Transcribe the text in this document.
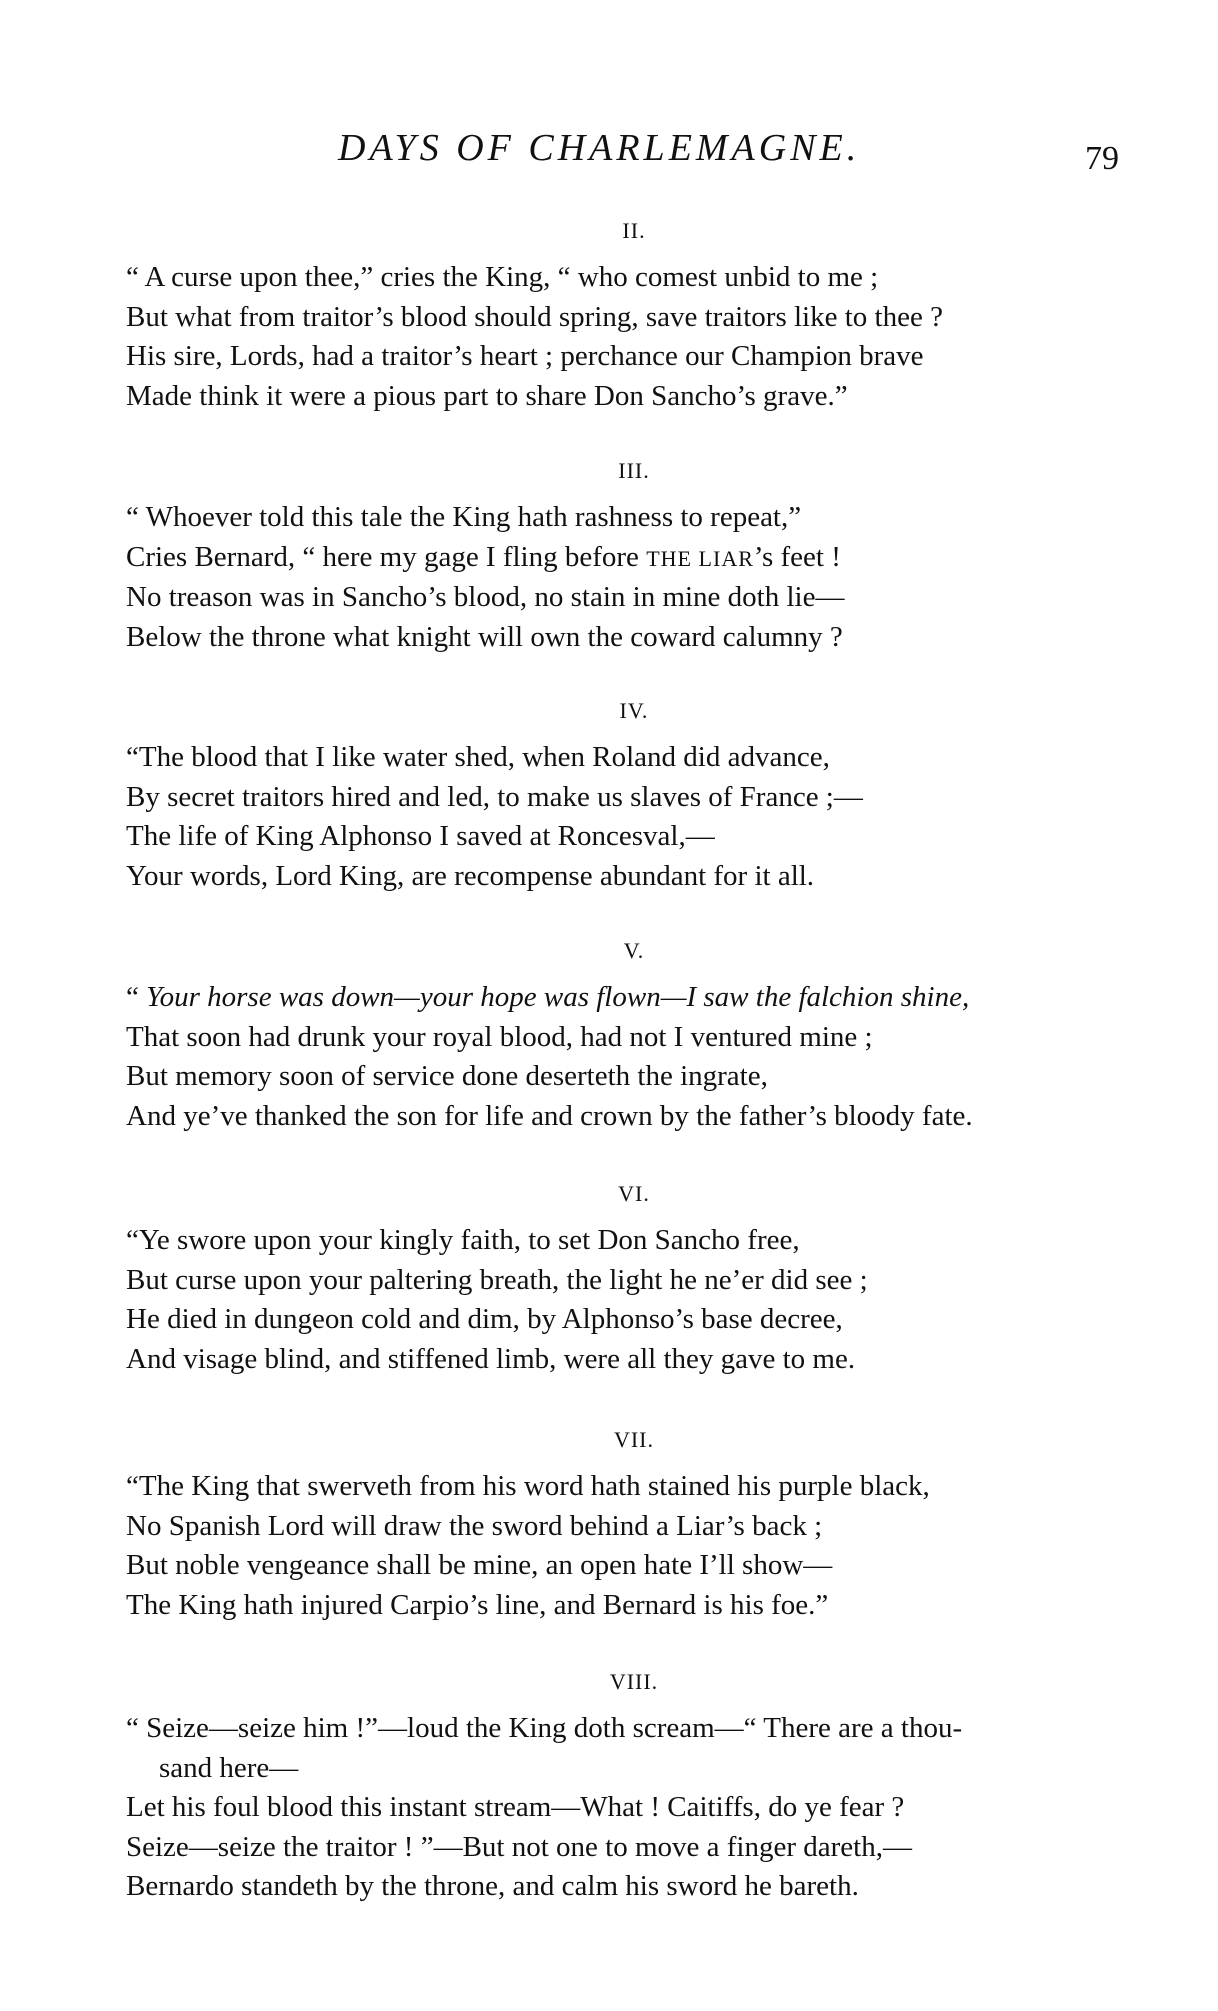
DAYS OF CHARLEMAGNE.	79
II.
“ A curse upon thee,” cries the King, “ who comest unbid to me ;
But what from traitor’s blood should spring, save traitors like to thee ?
His sire, Lords, had a traitor’s heart ; perchance our Champion brave
Made think it were a pious part to share Don Sancho’s grave.”
III.
“ Whoever told this tale the King hath rashness to repeat,”
Cries Bernard, “ here my gage I fling before THE LIAR’s feet !
No treason was in Sancho’s blood, no stain in mine doth lie—
Below the throne what knight will own the coward calumny ?
IV.
“The blood that I like water shed, when Roland did advance,
By secret traitors hired and led, to make us slaves of France ;—
The life of King Alphonso I saved at Roncesval,—
Your words, Lord King, are recompense abundant for it all.
V.
“ Your horse was down—your hope was flown—I saw the falchion shine,
That soon had drunk your royal blood, had not I ventured mine ;
But memory soon of service done deserteth the ingrate,
And ye’ve thanked the son for life and crown by the father’s bloody fate.
VI.
“Ye swore upon your kingly faith, to set Don Sancho free,
But curse upon your paltering breath, the light he ne’er did see ;
He died in dungeon cold and dim, by Alphonso’s base decree,
And visage blind, and stiffened limb, were all they gave to me.
VII.
“The King that swerveth from his word hath stained his purple black,
No Spanish Lord will draw the sword behind a Liar’s back ;
But noble vengeance shall be mine, an open hate I’ll show—
The King hath injured Carpio’s line, and Bernard is his foe.”
VIII.
“ Seize—seize him !”—loud the King doth scream—“ There are a thou-
sand here—
Let his foul blood this instant stream—What ! Caitiffs, do ye fear ?
Seize—seize the traitor ! ”—But not one to move a finger dareth,—
Bernardo standeth by the throne, and calm his sword he bareth.
